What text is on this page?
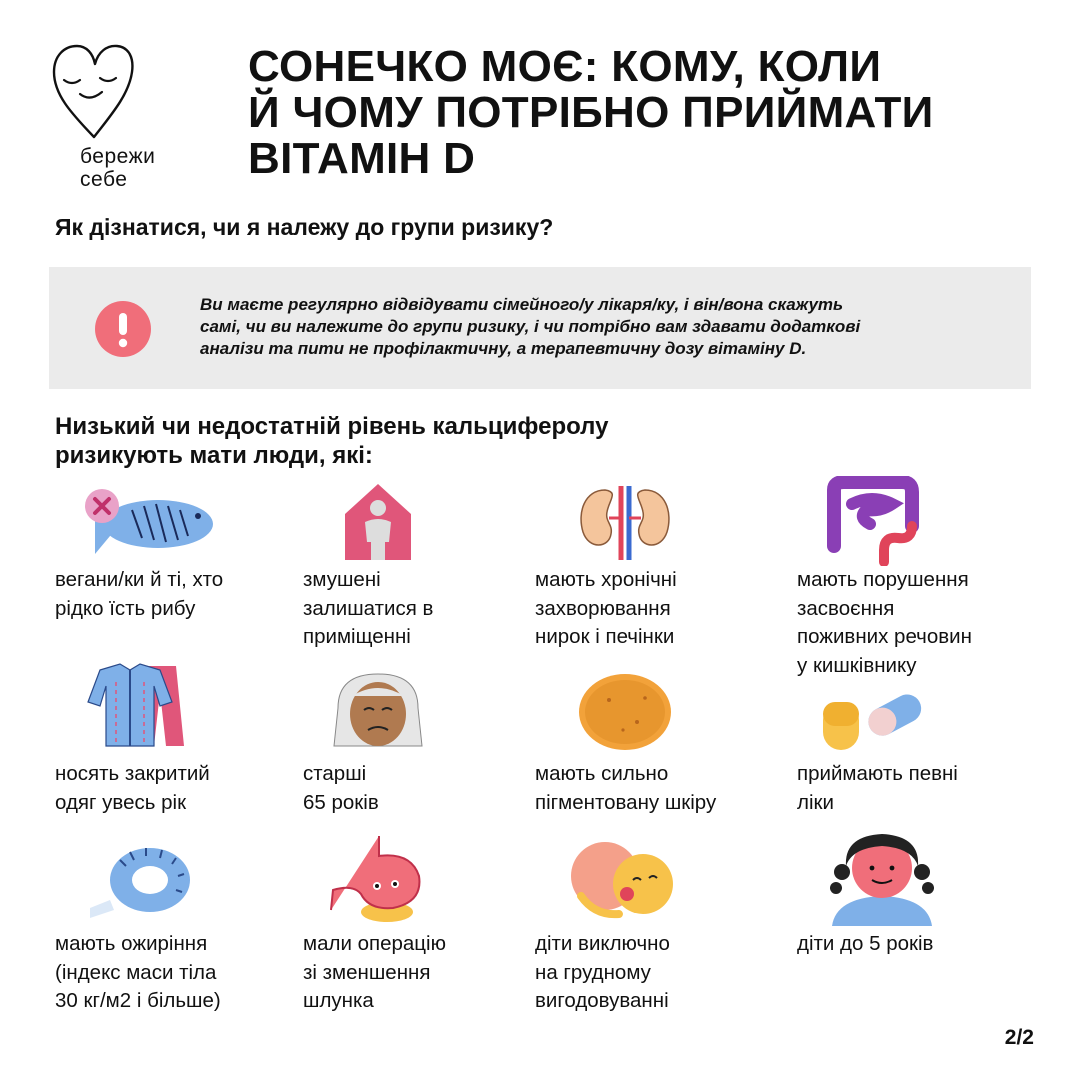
бережи
себе
СОНЕЧКО МОЄ: КОМУ, КОЛИ
Й ЧОМУ ПОТРІБНО ПРИЙМАТИ
ВІТАМІН D
Як дізнатися, чи я належу до групи ризику?
Ви маєте регулярно відвідувати сімейного/у лікаря/ку, і він/вона скажуть
самі, чи ви належите до групи ризику, і чи потрібно вам здавати додаткові
аналізи та пити не профілактичну, а терапевтичну дозу вітаміну D.
Низький чи недостатній рівень кальциферолу
ризикують мати люди, які:
вегани/ки й ті, хто
рідко їсть рибу
змушені
залишатися в
приміщенні
мають хронічні
захворювання
нирок і печінки
мають порушення
засвоєння
поживних речовин
у кишківнику
носять закритий
одяг увесь рік
старші
65 років
мають сильно
пігментовану шкіру
приймають певні
ліки
мають ожиріння
(індекс маси тіла
30 кг/м2 і більше)
мали операцію
зі зменшення
шлунка
діти виключно
на грудному
вигодовуванні
діти до 5 років
2/2
